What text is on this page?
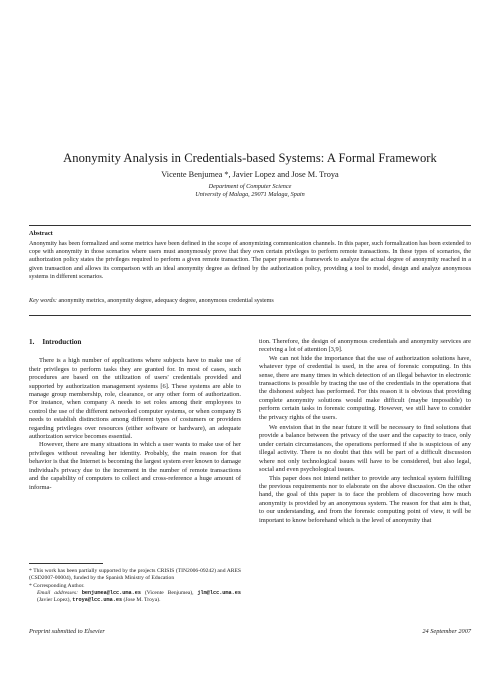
Anonymity Analysis in Credentials-based Systems: A Formal Framework
Vicente Benjumea *, Javier Lopez and Jose M. Troya
Department of Computer Science
University of Malaga, 29071 Malaga, Spain
Abstract

Anonymity has been formalized and some metrics have been defined in the scope of anonymizing communication channels. In this paper, such formalization has been extended to cope with anonymity in those scenarios where users must anonymously prove that they own certain privileges to perform remote transactions. In these types of scenarios, the authorization policy states the privileges required to perform a given remote transaction. The paper presents a framework to analyze the actual degree of anonymity reached in a given transaction and allows its comparison with an ideal anonymity degree as defined by the authorization policy, providing a tool to model, design and analyze anonymous systems in different scenarios.

Key words: anonymity metrics, anonymity degree, adequacy degree, anonymous credential systems
1. Introduction

There is a high number of applications where subjects have to make use of their privileges to perform tasks they are granted for. In most of cases, such procedures are based on the utilization of users' credentials provided and supported by authorization management systems [6]. These systems are able to manage group membership, role, clearance, or any other form of authorization. For instance, when company A needs to set roles among their employees to control the use of the different networked computer systems, or when company B needs to establish distinctions among different types of costumers or providers regarding privileges over resources (either software or hardware), an adequate authorization service becomes essential.

However, there are many situations in which a user wants to make use of her privileges without revealing her identity. Probably, the main reason for that behavior is that the Internet is becoming the largest system ever known to damage individual's privacy due to the increment in the number of remote transactions and the capability of computers to collect and cross-reference a huge amount of informa-

tion. Therefore, the design of anonymous credentials and anonymity services are receiving a lot of attention [3,9].

We can not hide the importance that the use of authorization solutions have, whatever type of credential is used, in the area of forensic computing. In this sense, there are many times in which detection of an illegal behavior in electronic transactions is possible by tracing the use of the credentials in the operations that the dishonest subject has performed. For this reason it is obvious that providing complete anonymity solutions would make difficult (maybe impossible) to perform certain tasks in forensic computing. However, we still have to consider the privacy rights of the users.

We envision that in the near future it will be necessary to find solutions that provide a balance between the privacy of the user and the capacity to trace, only under certain circumstances, the operations performed if she is suspicious of any illegal activity. There is no doubt that this will be part of a difficult discussion where not only technological issues will have to be considered, but also legal, social and even psychological issues.

This paper does not intend neither to provide any technical system fulfilling the previous requirements nor to elaborate on the above discussion. On the other hand, the goal of this paper is to face the problem of discovering how much anonymity is provided by an anonymous system. The reason for that aim is that, to our understanding, and from the forensic computing point of view, it will be important to know beforehand which is the level of anonymity that

* This work has been partially supported by the projects CRISIS (TIN2006-09242) and ARES (CSD2007-00004), funded by the Spanish Ministry of Education
* Corresponding Author.
Email addresses: benjumea@lcc.uma.es (Vicente Benjumea), jlm@lcc.uma.es (Javier Lopez), troya@lcc.uma.es (Jose M. Troya).
Preprint submitted to Elsevier	24 September 2007
